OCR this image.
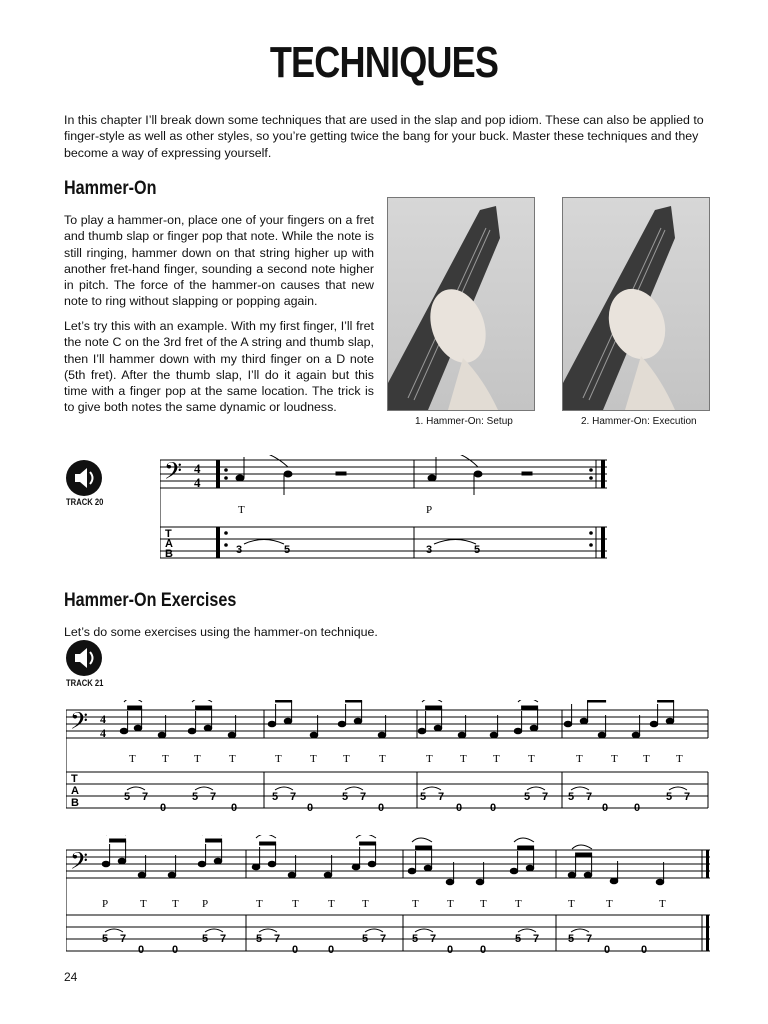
TECHNIQUES
In this chapter I’ll break down some techniques that are used in the slap and pop idiom. These can also be applied to finger-style as well as other styles, so you’re getting twice the bang for your buck. Master these techniques and they become a way of expressing yourself.
Hammer-On
To play a hammer-on, place one of your fingers on a fret and thumb slap or finger pop that note. While the note is still ringing, hammer down on that string higher up with another fret-hand finger, sounding a second note higher in pitch. The force of the hammer-on causes that new note to ring without slapping or popping again.
Let’s try this with an example. With my first finger, I’ll fret the note C on the 3rd fret of the A string and thumb slap, then I’ll hammer down with my third finger on a D note (5th fret). After the thumb slap, I’ll do it again but this time with a finger pop at the same location. The trick is to give both notes the same dynamic or loudness.
1. Hammer-On: Setup	2. Hammer-On: Execution
TRACK 20
𝄢 4
4
T
A
B
T	P
3	5	3	5
Hammer-On Exercises
Let’s do some exercises using the hammer-on technique.
TRACK 21
𝄢 4
4
T
A
B
T T T	T	T	T T	T	T T T	T	T	T T T
5 7
0
5 7
0
5 7
0
5 7
0
5 7
0	0
5 7 5 7
0 0
5 7
𝄢
P	T T P	T	T	T T	T	T T	T	T	T	T
5 7
0	0
5 7	5 7
0	0
5 7 5 7
0 0
5 7	5 7
0	0
24
